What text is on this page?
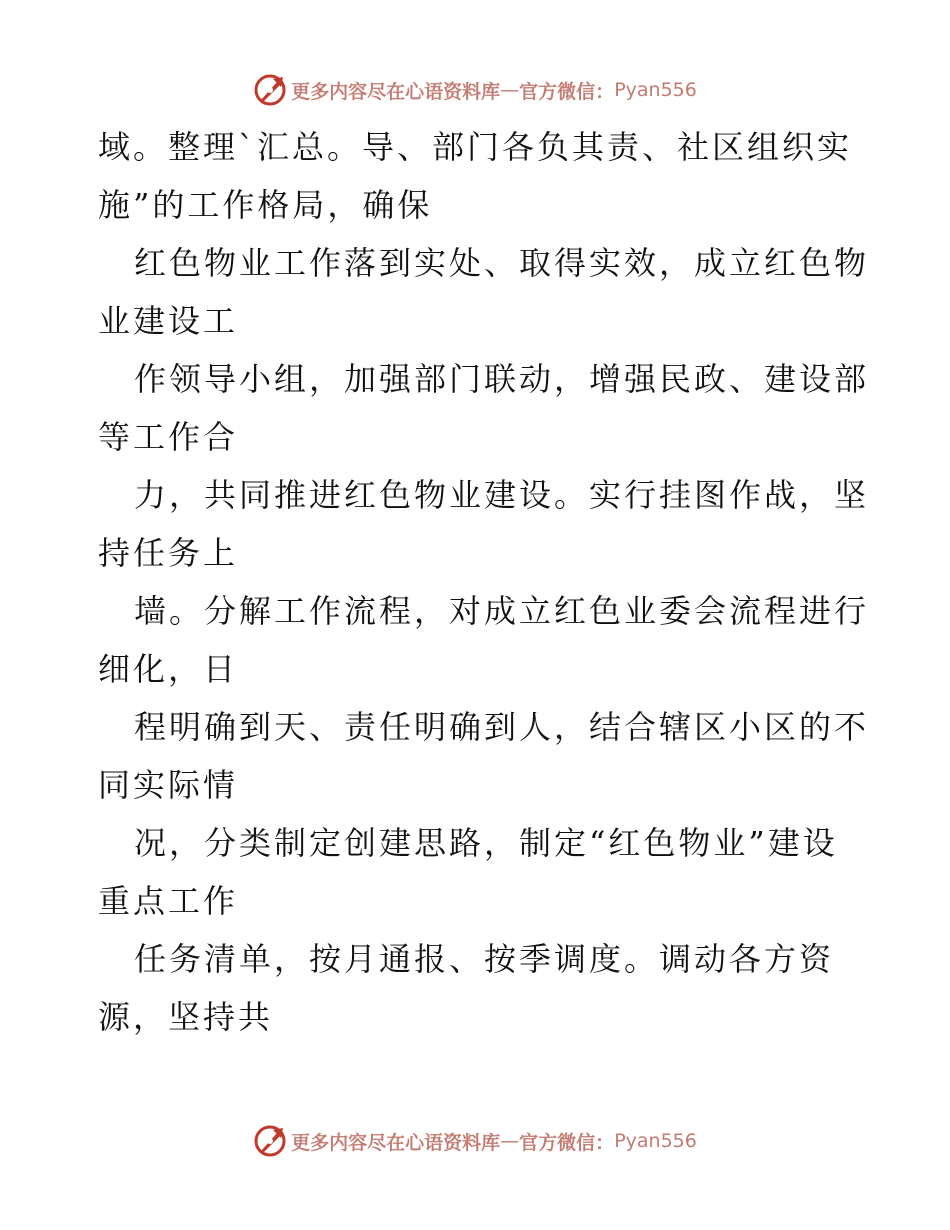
更多内容尽在心语资料库 — 官方微信： Pyan556
域。整理`汇总。导、部门各负其责、社区组织实
施”的工作格局，确保
红色物业工作落到实处、取得实效，成立红色物
业建设工
作领导小组，加强部门联动，增强民政、建设部
等工作合
力，共同推进红色物业建设。实行挂图作战，坚
持任务上
墙。分解工作流程，对成立红色业委会流程进行
细化，日
程明确到天、责任明确到人，结合辖区小区的不
同实际情
况，分类制定创建思路，制定“红色物业”建设
重点工作
任务清单，按月通报、按季调度。调动各方资
源，坚持共
更多内容尽在心语资料库 — 官方微信： Pyan556
